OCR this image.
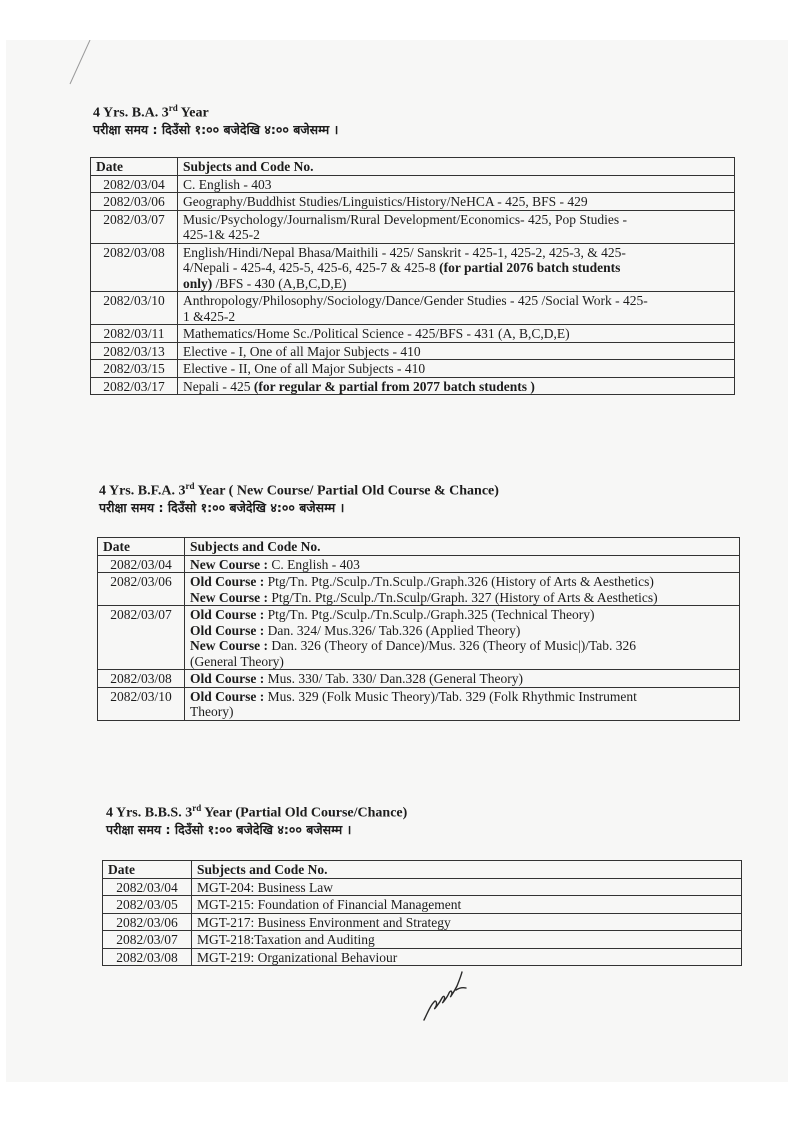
4 Yrs. B.A. 3rd Year
परीक्षा समय : दिउँसो १:०० बजेदेखि ४:०० बजेसम्म ।
Date	Subjects and Code No.
2082/03/04	C. English - 403
2082/03/06	Geography/Buddhist Studies/Linguistics/History/NeHCA - 425, BFS - 429
2082/03/07	Music/Psychology/Journalism/Rural Development/Economics- 425, Pop Studies -
425-1& 425-2

2082/03/08	English/Hindi/Nepal Bhasa/Maithili - 425/ Sanskrit - 425-1, 425-2, 425-3, & 425-
4/Nepali - 425-4, 425-5, 425-6, 425-7 & 425-8 (for partial 2076 batch students
only) /BFS - 430 (A,B,C,D,E)

2082/03/10	Anthropology/Philosophy/Sociology/Dance/Gender Studies - 425 /Social Work - 425-
1 &425-2

2082/03/11	Mathematics/Home Sc./Political Science - 425/BFS - 431 (A, B,C,D,E)
2082/03/13	Elective - I, One of all Major Subjects - 410
2082/03/15	Elective - II, One of all Major Subjects - 410
2082/03/17	Nepali - 425 (for regular & partial from 2077 batch students )
4 Yrs. B.F.A. 3rd Year ( New Course/ Partial Old Course & Chance)
परीक्षा समय : दिउँसो १:०० बजेदेखि ४:०० बजेसम्म ।
Date	Subjects and Code No.
2082/03/04	New Course : C. English - 403
2082/03/06	Old Course : Ptg/Tn. Ptg./Sculp./Tn.Sculp./Graph.326 (History of Arts & Aesthetics)
New Course : Ptg/Tn. Ptg./Sculp./Tn.Sculp/Graph. 327 (History of Arts & Aesthetics)

2082/03/07	Old Course : Ptg/Tn. Ptg./Sculp./Tn.Sculp./Graph.325 (Technical Theory)
Old Course : Dan. 324/ Mus.326/ Tab.326 (Applied Theory)
New Course : Dan. 326 (Theory of Dance)/Mus. 326 (Theory of Music|)/Tab. 326
(General Theory)

2082/03/08	Old Course : Mus. 330/ Tab. 330/ Dan.328 (General Theory)
2082/03/10	Old Course : Mus. 329 (Folk Music Theory)/Tab. 329 (Folk Rhythmic Instrument
Theory)
4 Yrs. B.B.S. 3rd Year (Partial Old Course/Chance)
परीक्षा समय : दिउँसो १:०० बजेदेखि ४:०० बजेसम्म ।
Date	Subjects and Code No.
2082/03/04	MGT-204: Business Law
2082/03/05	MGT-215: Foundation of Financial Management
2082/03/06	MGT-217: Business Environment and Strategy
2082/03/07	MGT-218:Taxation and Auditing
2082/03/08	MGT-219: Organizational Behaviour
